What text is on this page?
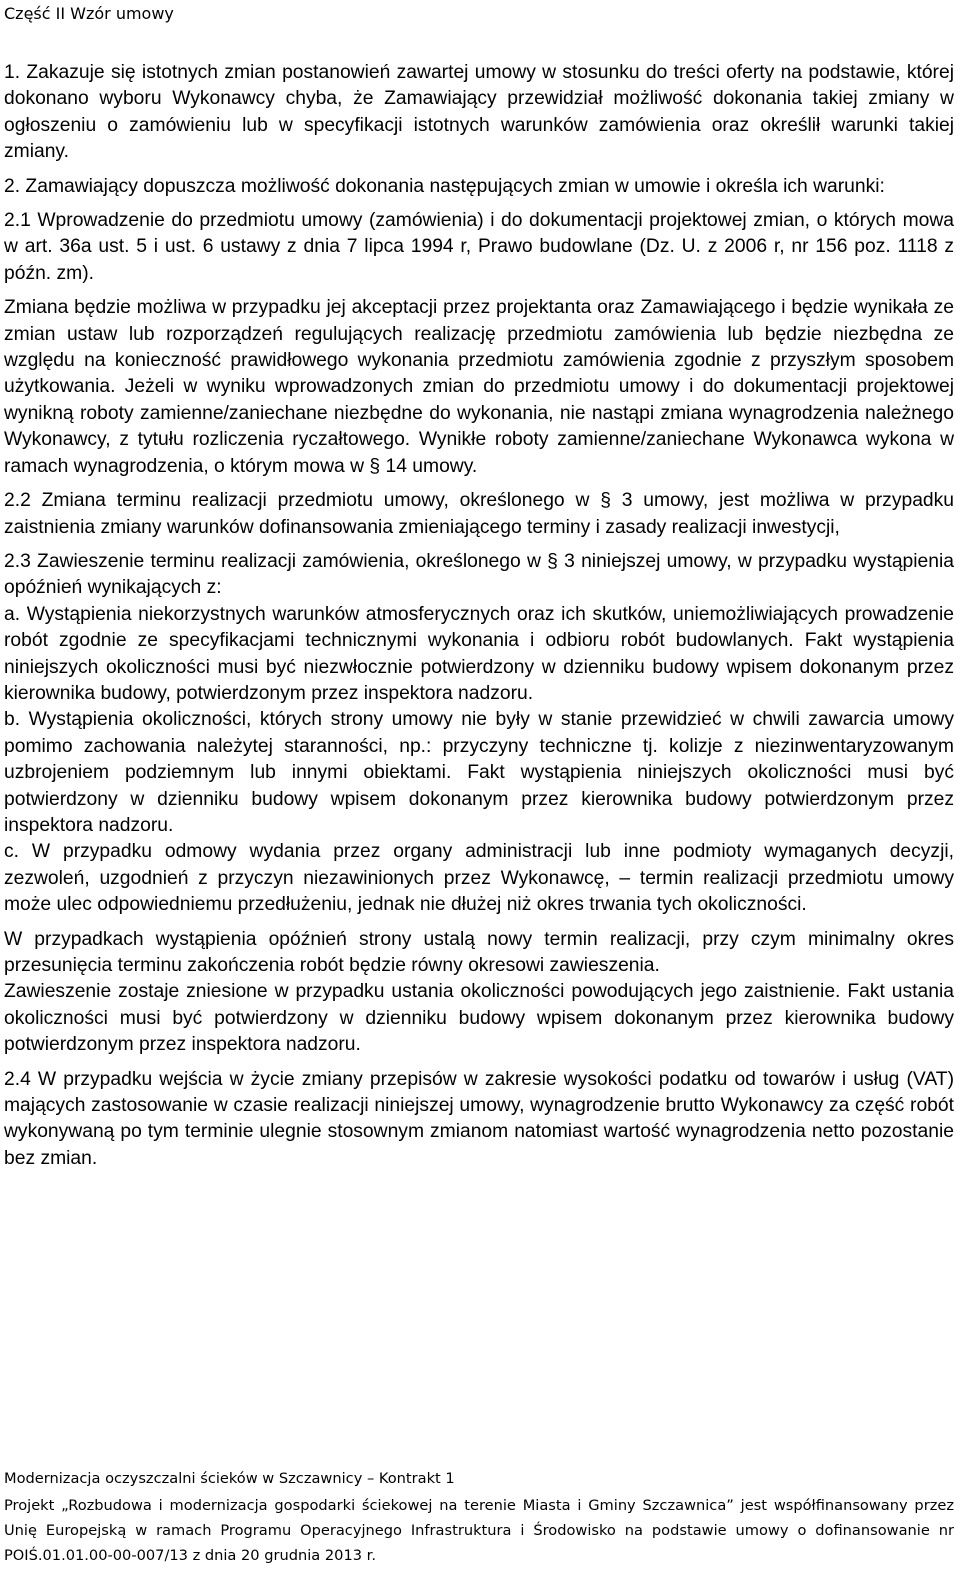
Część II Wzór umowy

1. Zakazuje się istotnych zmian postanowień zawartej umowy w stosunku do treści oferty na podstawie, której dokonano wyboru Wykonawcy chyba, że Zamawiający przewidział możliwość dokonania takiej zmiany w ogłoszeniu o zamówieniu lub w specyfikacji istotnych warunków zamówienia oraz określił warunki takiej zmiany.

2. Zamawiający dopuszcza możliwość dokonania następujących zmian w umowie i określa ich warunki:

2.1 Wprowadzenie do przedmiotu umowy (zamówienia) i do dokumentacji projektowej zmian, o których mowa w art. 36a ust. 5 i ust. 6 ustawy z dnia 7 lipca 1994 r, Prawo budowlane (Dz. U. z 2006 r, nr 156 poz. 1118 z późn. zm).

Zmiana będzie możliwa w przypadku jej akceptacji przez projektanta oraz Zamawiającego i będzie wynikała ze zmian ustaw lub rozporządzeń regulujących realizację przedmiotu zamówienia lub będzie niezbędna ze względu na konieczność prawidłowego wykonania przedmiotu zamówienia zgodnie z przyszłym sposobem użytkowania. Jeżeli w wyniku wprowadzonych zmian do przedmiotu umowy i do dokumentacji projektowej wynikną roboty zamienne/zaniechane niezbędne do wykonania, nie nastąpi zmiana wynagrodzenia należnego Wykonawcy, z tytułu rozliczenia ryczałtowego. Wynikłe roboty zamienne/zaniechane Wykonawca wykona w ramach wynagrodzenia, o którym mowa w § 14 umowy.

2.2 Zmiana terminu realizacji przedmiotu umowy, określonego w § 3 umowy, jest możliwa w przypadku zaistnienia zmiany warunków dofinansowania zmieniającego terminy i zasady realizacji inwestycji,

2.3 Zawieszenie terminu realizacji zamówienia, określonego w § 3 niniejszej umowy, w przypadku wystąpienia opóźnień wynikających z:

a. Wystąpienia niekorzystnych warunków atmosferycznych oraz ich skutków, uniemożliwiających prowadzenie robót zgodnie ze specyfikacjami technicznymi wykonania i odbioru robót budowlanych. Fakt wystąpienia niniejszych okoliczności musi być niezwłocznie potwierdzony w dzienniku budowy wpisem dokonanym przez kierownika budowy, potwierdzonym przez inspektora nadzoru.

b. Wystąpienia okoliczności, których strony umowy nie były w stanie przewidzieć w chwili zawarcia umowy pomimo zachowania należytej staranności, np.: przyczyny techniczne tj. kolizje z niezinwentaryzowanym uzbrojeniem podziemnym lub innymi obiektami. Fakt wystąpienia niniejszych okoliczności musi być potwierdzony w dzienniku budowy wpisem dokonanym przez kierownika budowy potwierdzonym przez inspektora nadzoru.

c. W przypadku odmowy wydania przez organy administracji lub inne podmioty wymaganych decyzji, zezwoleń, uzgodnień z przyczyn niezawinionych przez Wykonawcę, – termin realizacji przedmiotu umowy może ulec odpowiedniemu przedłużeniu, jednak nie dłużej niż okres trwania tych okoliczności.

W przypadkach wystąpienia opóźnień strony ustalą nowy termin realizacji, przy czym minimalny okres przesunięcia terminu zakończenia robót będzie równy okresowi zawieszenia.

Zawieszenie zostaje zniesione w przypadku ustania okoliczności powodujących jego zaistnienie. Fakt ustania okoliczności musi być potwierdzony w dzienniku budowy wpisem dokonanym przez kierownika budowy potwierdzonym przez inspektora nadzoru.

2.4 W przypadku wejścia w życie zmiany przepisów w zakresie wysokości podatku od towarów i usług (VAT) mających zastosowanie w czasie realizacji niniejszej umowy, wynagrodzenie brutto Wykonawcy za część robót wykonywaną po tym terminie ulegnie stosownym zmianom natomiast wartość wynagrodzenia netto pozostanie bez zmian.

Modernizacja oczyszczalni ścieków w Szczawnicy – Kontrakt 1

Projekt „Rozbudowa i modernizacja gospodarki ściekowej na terenie Miasta i Gminy Szczawnica” jest współfinansowany przez Unię Europejską w ramach Programu Operacyjnego Infrastruktura i Środowisko na podstawie umowy o dofinansowanie nr POIŚ.01.01.00-00-007/13 z dnia 20 grudnia 2013 r.
